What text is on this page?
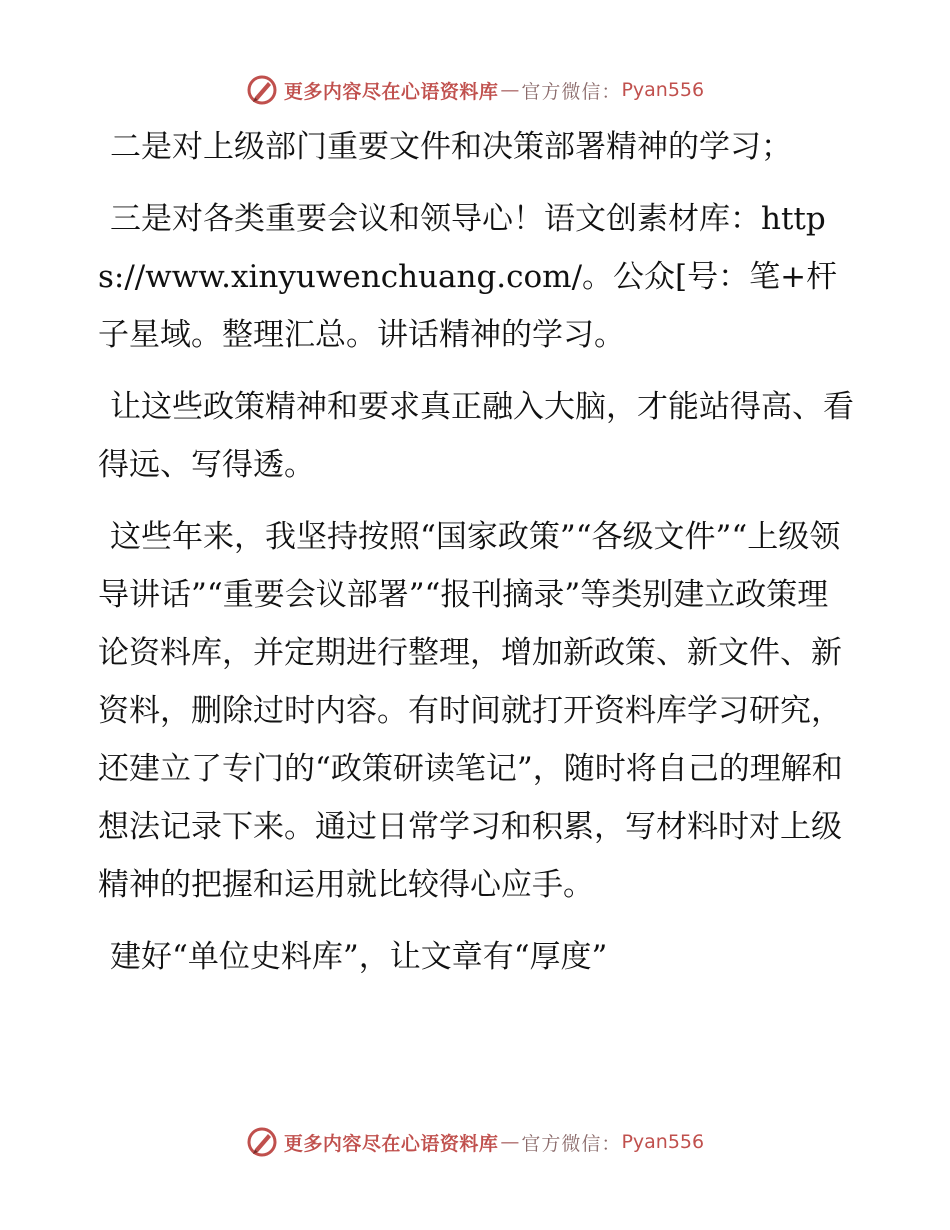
更多内容尽在心语资料库 — 官方微信： Pyan556

二是对上级部门重要文件和决策部署精神的学习；

三是对各类重要会议和领导心！语文创素材库：https://www.xinyuwenchuang.com/。公众[号：笔+杆子星域。整理汇总。讲话精神的学习。

让这些政策精神和要求真正融入大脑，才能站得高、看得远、写得透。

这些年来，我坚持按照“国家政策”“各级文件”“上级领导讲话”“重要会议部署”“报刊摘录”等类别建立政策理论资料库，并定期进行整理，增加新政策、新文件、新资料，删除过时内容。有时间就打开资料库学习研究，还建立了专门的“政策研读笔记”，随时将自己的理解和想法记录下来。通过日常学习和积累，写材料时对上级精神的把握和运用就比较得心应手。

建好“单位史料库”，让文章有“厚度”

更多内容尽在心语资料库 — 官方微信： Pyan556
